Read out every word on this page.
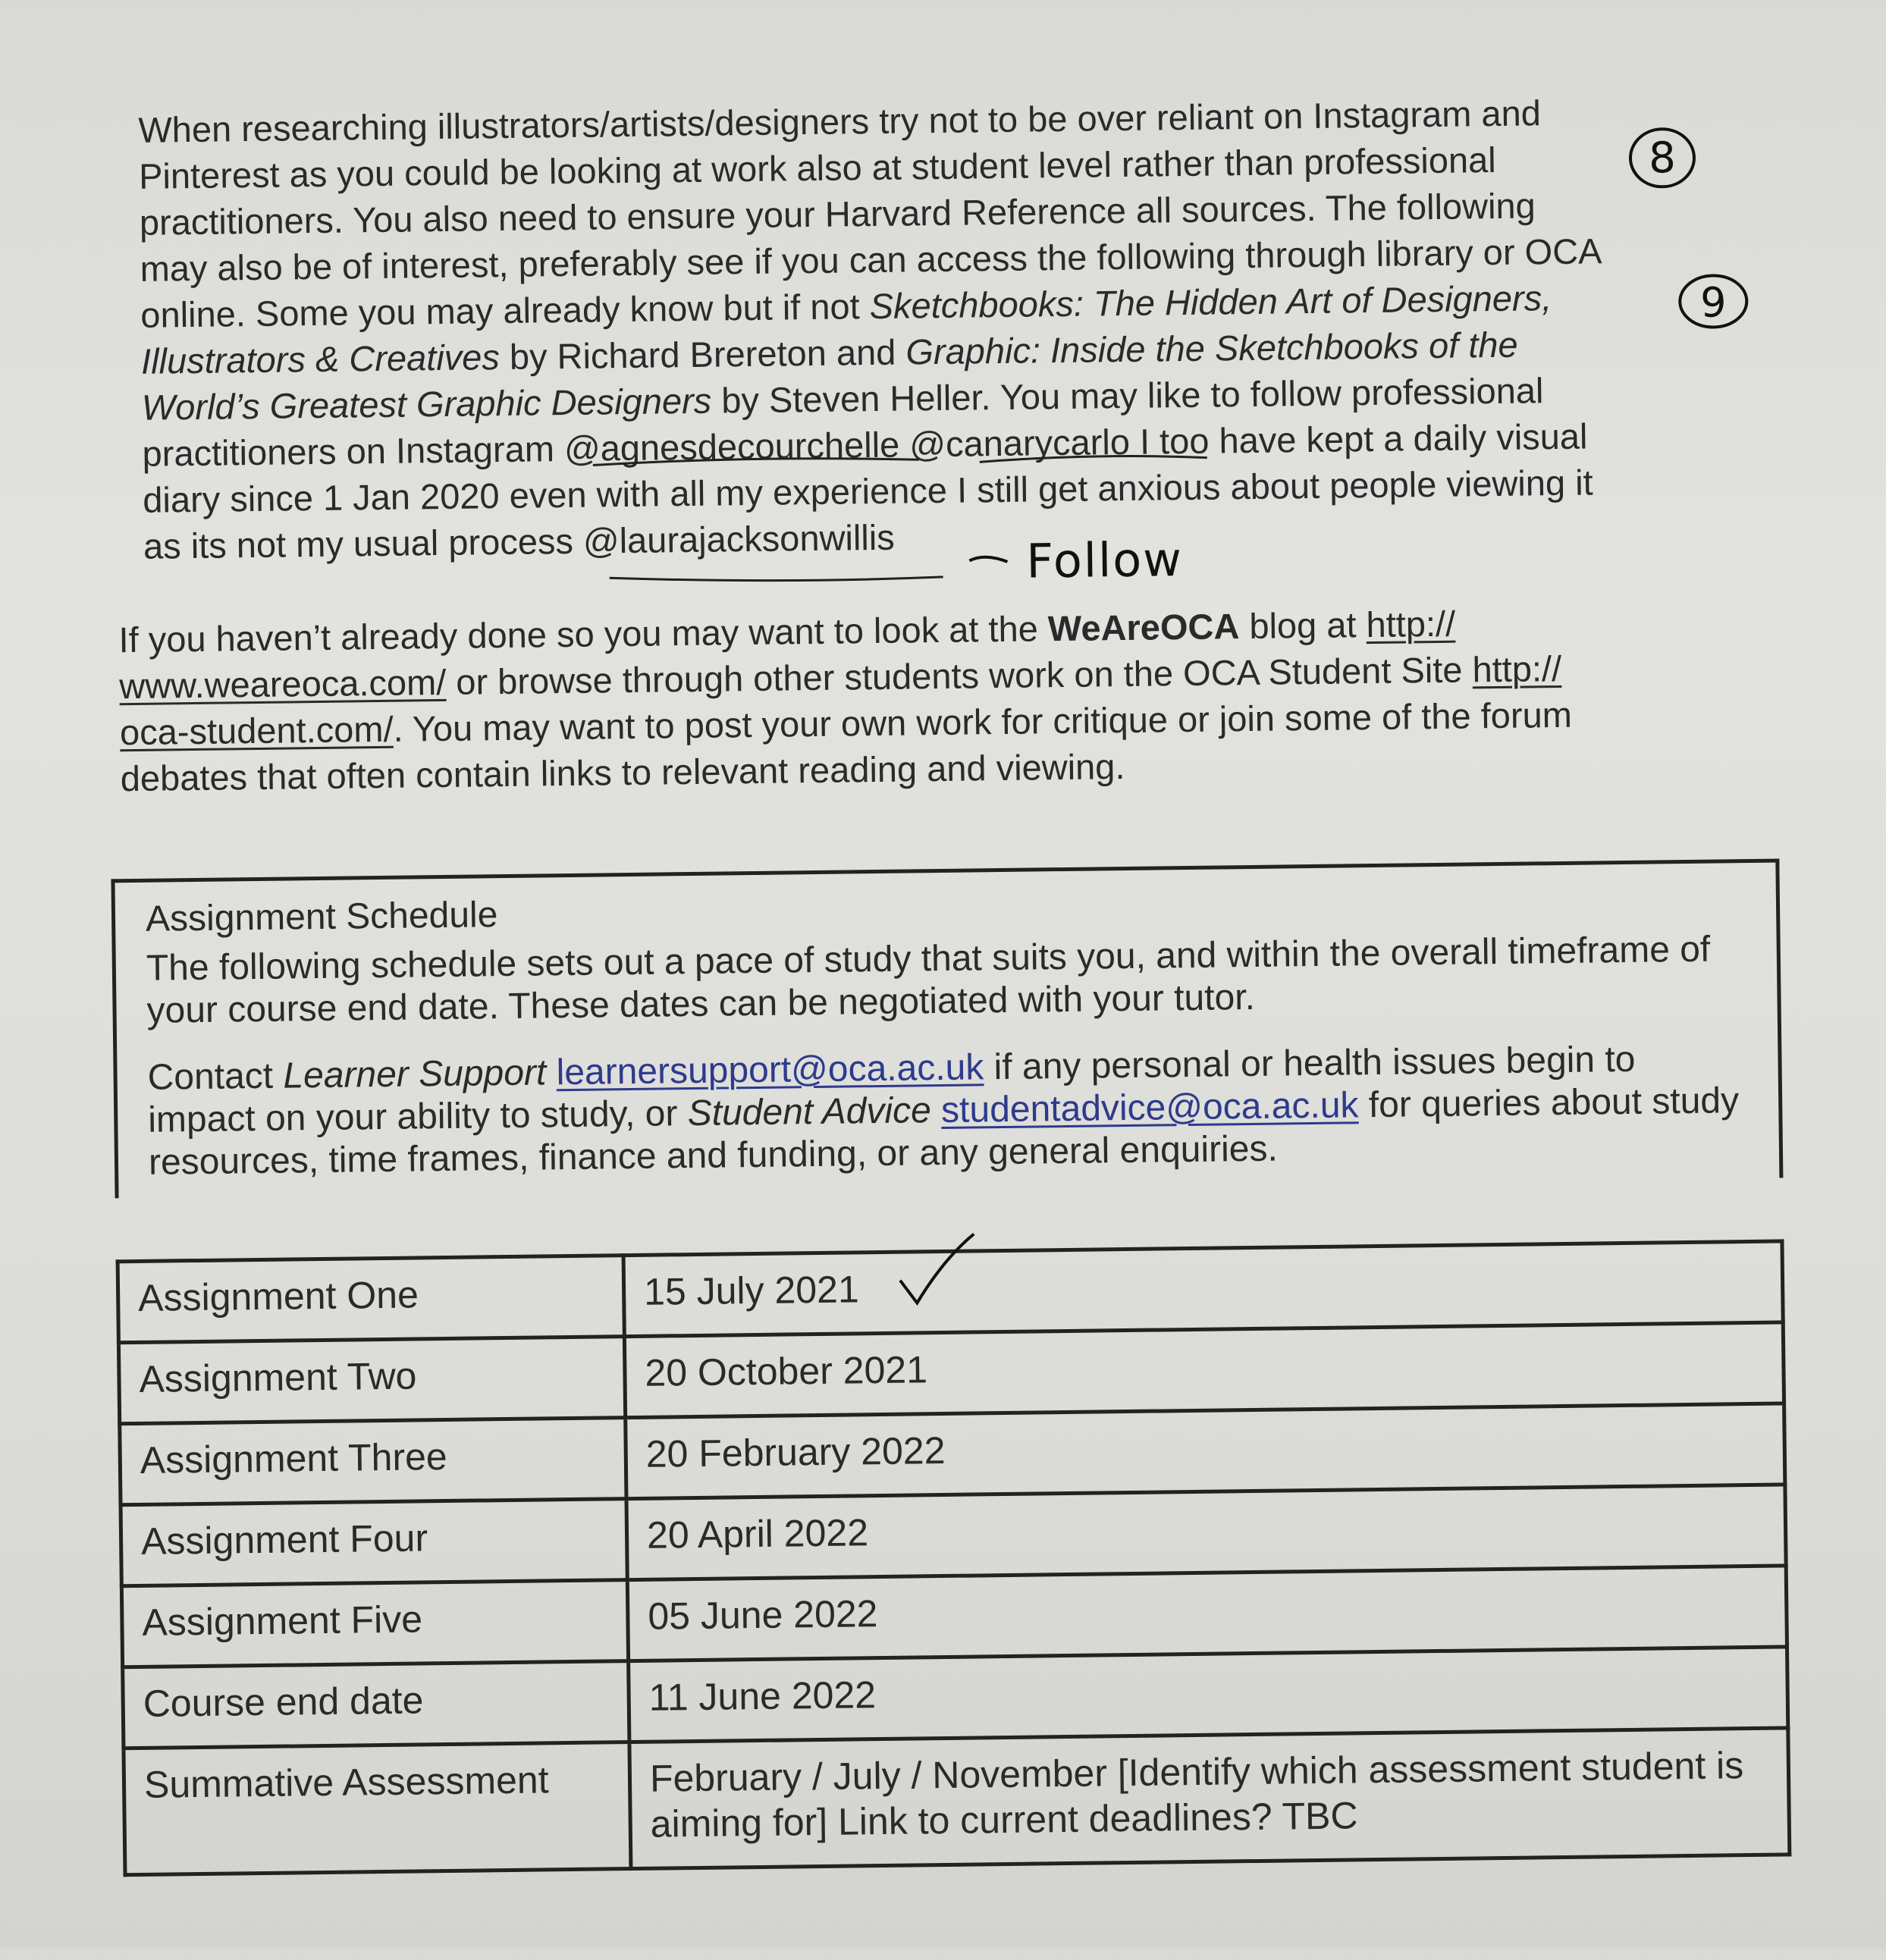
When researching illustrators/artists/designers try not to be over reliant on Instagram and
Pinterest as you could be looking at work also at student level rather than professional
practitioners. You also need to ensure your Harvard Reference all sources. The following
may also be of interest, preferably see if you can access the following through library or OCA
online. Some you may already know but if not Sketchbooks: The Hidden Art of Designers,
Illustrators & Creatives by Richard Brereton and Graphic: Inside the Sketchbooks of the
World’s Greatest Graphic Designers by Steven Heller. You may like to follow professional
practitioners on Instagram @agnesdecourchelle @canarycarlo I too have kept a daily visual
diary since 1 Jan 2020 even with all my experience I still get anxious about people viewing it
as its not my usual process @laurajacksonwillis

If you haven’t already done so you may want to look at the WeAreOCA blog at http://
www.weareoca.com/ or browse through other students work on the OCA Student Site http://
oca-student.com/. You may want to post your own work for critique or join some of the forum
debates that often contain links to relevant reading and viewing.

Assignment Schedule

The following schedule sets out a pace of study that suits you, and within the overall timeframe of your course end date. These dates can be negotiated with your tutor.

Contact Learner Support learnersupport@oca.ac.uk if any personal or health issues begin to impact on your ability to study, or Student Advice studentadvice@oca.ac.uk for queries about study resources, time frames, finance and funding, or any general enquiries.

Assignment One	15 July 2021
Assignment Two	20 October 2021
Assignment Three	20 February 2022
Assignment Four	20 April 2022
Assignment Five	05 June 2022
Course end date	11 June 2022
Summative Assessment	February / July / November [Identify which assessment student is aiming for] Link to current deadlines? TBC
8
9
Follow
